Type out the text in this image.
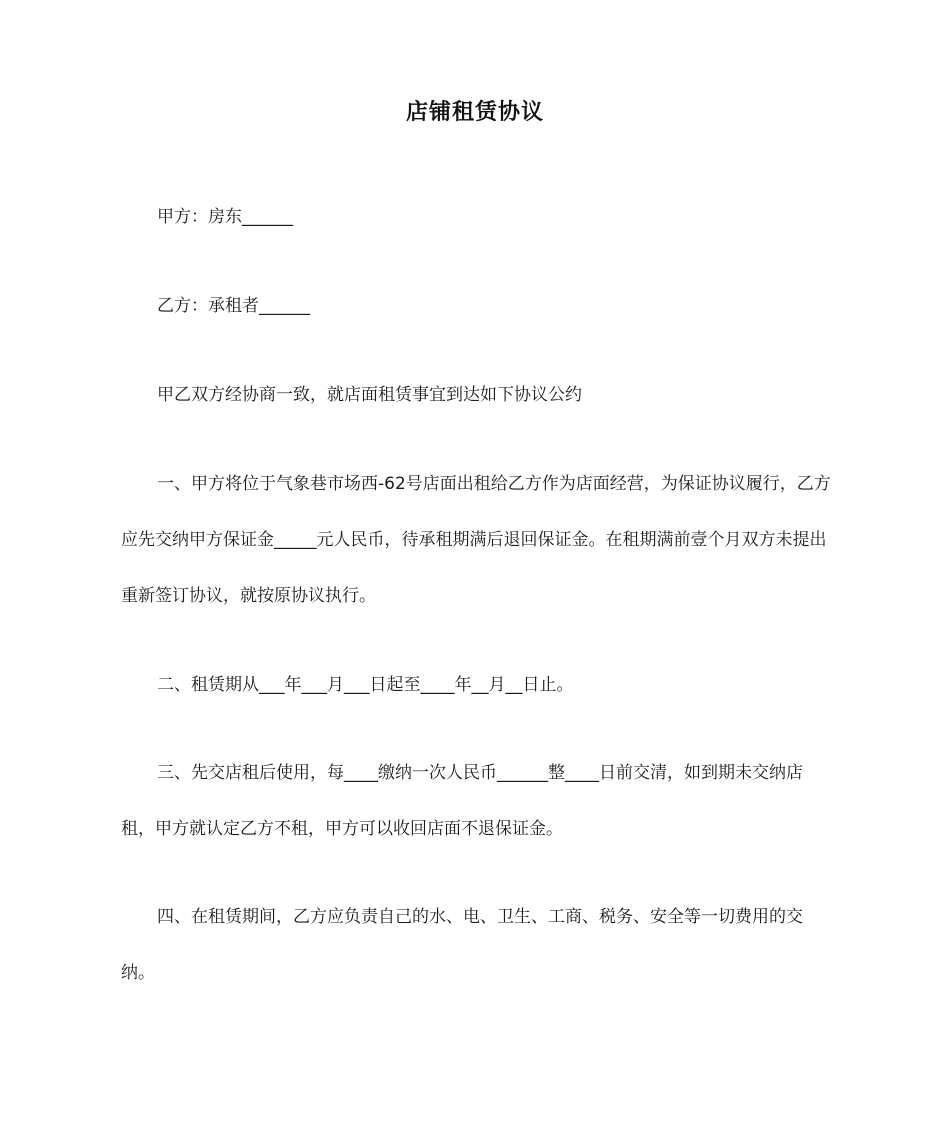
店铺租赁协议

甲方：房东______

乙方：承租者______

甲乙双方经协商一致，就店面租赁事宜到达如下协议公约

一、甲方将位于气象巷市场西-62号店面出租给乙方作为店面经营，为保证协议履行，乙方应先交纳甲方保证金_____元人民币，待承租期满后退回保证金。在租期满前壹个月双方未提出重新签订协议，就按原协议执行。

二、租赁期从___年___月___日起至____年__月__日止。

三、先交店租后使用，每____缴纳一次人民币______整____日前交清，如到期未交纳店租，甲方就认定乙方不租，甲方可以收回店面不退保证金。

四、在租赁期间，乙方应负责自己的水、电、卫生、工商、税务、安全等一切费用的交纳。
